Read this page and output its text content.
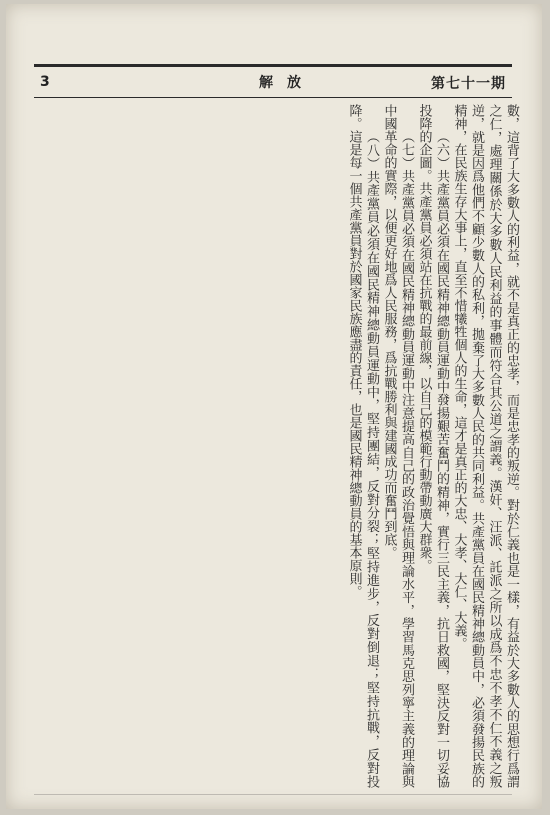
3	解放	第七十一期

數，這背了大多數人的利益，就不是真正的忠孝，而是忠孝的叛逆。對於仁義也是一樣，有益於大多數人的思想行爲謂之仁，處理關係於大多數人民利益的事體而符合其公道之謂義。漢奸、汪派、託派之所以成爲不忠不孝不仁不義之叛逆，就是因爲他們不顧少數人的私利，拋棄了大多數人民的共同利益。共產黨員在國民精神總動員中，必須發揚民族的精神，在民族生存大事上，直至不惜犧牲個人的生命，這才是真正的大忠、大孝、大仁、大義。

（六）共產黨員必須在國民精神總動員運動中發揚艱苦奮鬥的精神，實行三民主義，抗日救國，堅決反對一切妥協投降的企圖。共產黨員必須站在抗戰的最前線，以自己的模範行動帶動廣大群衆。

（七）共產黨員必須在國民精神總動員運動中注意提高自己的政治覺悟與理論水平，學習馬克思列寧主義的理論與中國革命的實際，以便更好地爲人民服務，爲抗戰勝利與建國成功而奮鬥到底。

（八）共產黨員必須在國民精神總動員運動中，堅持團結，反對分裂；堅持進步，反對倒退；堅持抗戰，反對投降。這是每一個共產黨員對於國家民族應盡的責任，也是國民精神總動員的基本原則。
